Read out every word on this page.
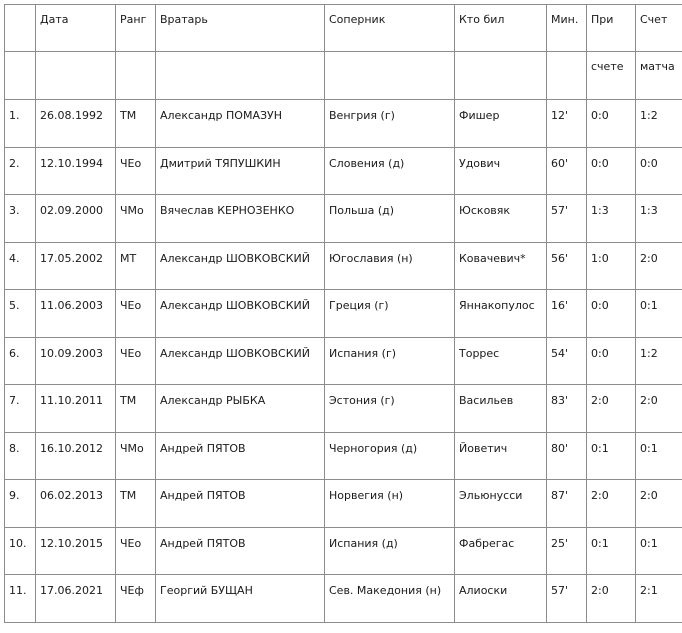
	Дата	Ранг	Вратарь	Соперник	Кто бил	Мин.	При	Счет
							счете	матча
1.	26.08.1992	ТМ	Александр ПОМАЗУН	Венгрия (г)	Фишер	12'	0:0	1:2
2.	12.10.1994	ЧЕо	Дмитрий ТЯПУШКИН	Словения (д)	Удович	60'	0:0	0:0
3.	02.09.2000	ЧМо	Вячеслав КЕРНОЗЕНКО	Польша (д)	Юсковяк	57'	1:3	1:3
4.	17.05.2002	МТ	Александр ШОВКОВСКИЙ	Югославия (н)	Ковачевич*	56'	1:0	2:0
5.	11.06.2003	ЧЕо	Александр ШОВКОВСКИЙ	Греция (г)	Яннакопулос	16'	0:0	0:1
6.	10.09.2003	ЧЕо	Александр ШОВКОВСКИЙ	Испания (г)	Торрес	54'	0:0	1:2
7.	11.10.2011	ТМ	Александр РЫБКА	Эстония (г)	Васильев	83'	2:0	2:0
8.	16.10.2012	ЧМо	Андрей ПЯТОВ	Черногория (д)	Йоветич	80'	0:1	0:1
9.	06.02.2013	ТМ	Андрей ПЯТОВ	Норвегия (н)	Эльюнусси	87'	2:0	2:0
10.	12.10.2015	ЧЕо	Андрей ПЯТОВ	Испания (д)	Фабрегас	25'	0:1	0:1
11.	17.06.2021	ЧЕф	Георгий БУЩАН	Сев. Македония (н)	Алиоски	57'	2:0	2:1
